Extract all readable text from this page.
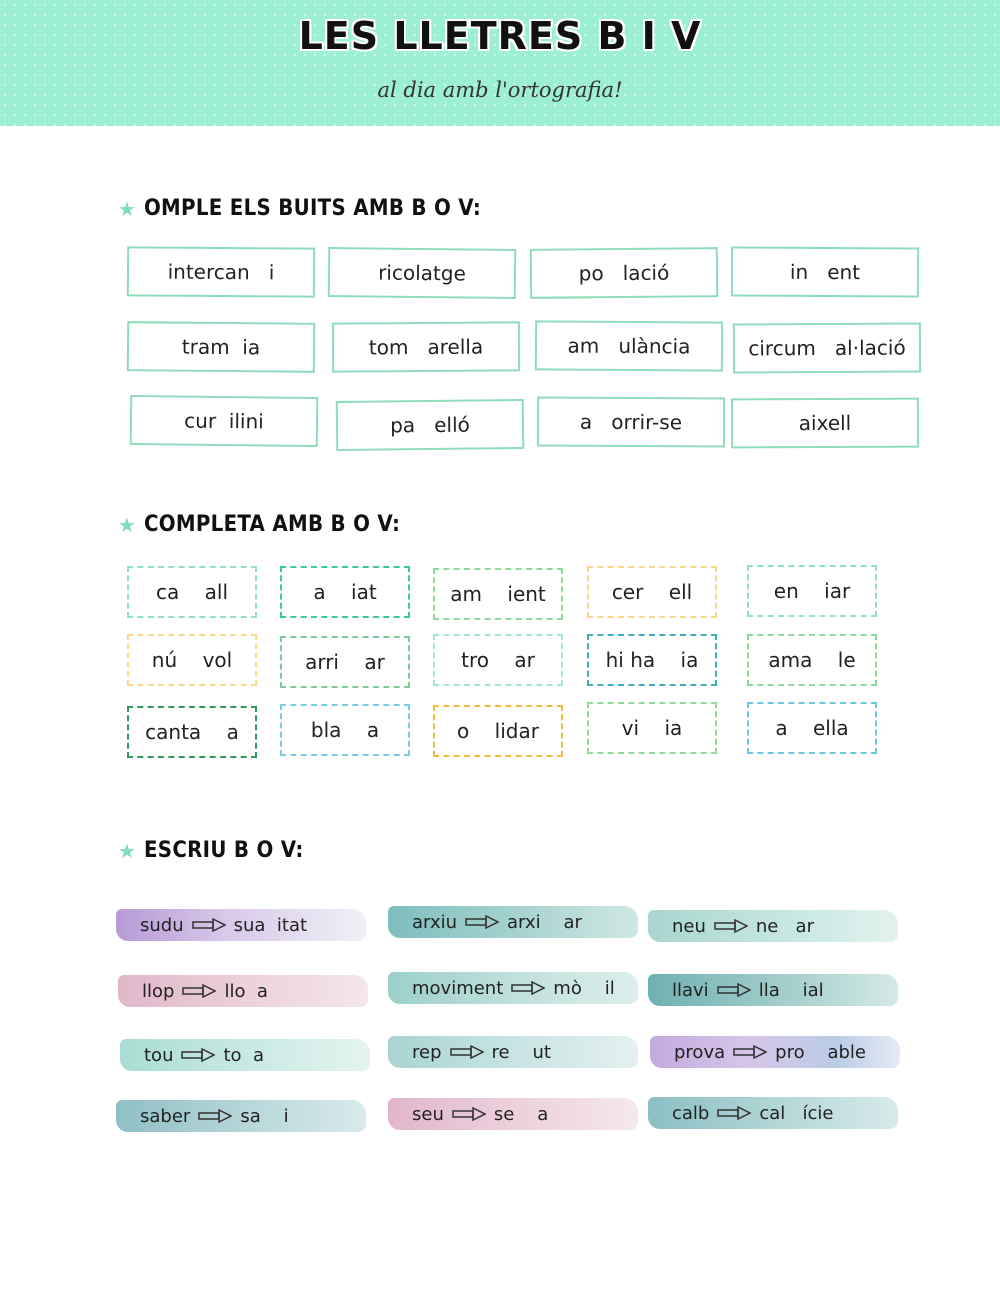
LES LLETRES B I V
al dia amb l'ortografia!
★ OMPLE ELS BUITS AMB B O V:
intercan   i	ricolatge	po   lació	in   ent
tram  ia	tom   arella	am   ulància	circum   al·lació
cur  ilini	pa   elló	a   orrir-se	aixell
★ COMPLETA AMB B O V:
ca    all	a    iat	am    ient	cer    ell	en    iar
nú    vol	arri    ar	tro    ar	hi ha    ia	ama    le
canta    a	bla    a	o    lidar	vi    ia	a    ella
★ ESCRIU B O V:
sudu	sua  itat	arxiu	arxi    ar	neu	ne   ar
llop	llo  a	moviment	mò    il	llavi	lla    ial
tou	to  a	rep	re    ut	prova	pro    able
saber	sa    i	seu	se    a	calb	cal   ície
